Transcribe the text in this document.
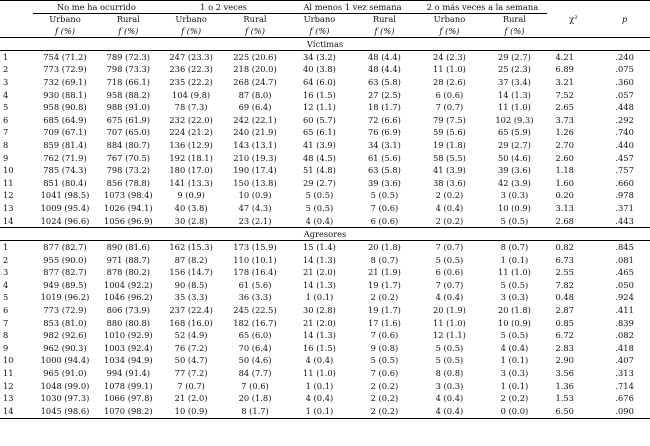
	No me ha ocurrido		1 o 2 veces		Al menos 1 vez semana		2 o más veces a la semana		χ²	p
	Urbano	Rural	Urbano	Rural	Urbano	Rural	Urbano	Rural		
	f (%)	f (%)	f (%)	f (%)	f (%)	f (%)	f (%)	f (%)		
Víctimas										
1	754 (71.2)	789 (72.3)	247 (23.3)	225 (20.6)	34 (3.2)	48 (4.4)	24 (2.3)	29 (2.7)	4.21	.240
2	773 (72.9)	798 (73.3)	236 (22.3)	218 (20.0)	40 (3.8)	48 (4.4)	11 (1.0)	25 (2.3)	6.89	.075
3	732 (69.1)	718 (66.1)	235 (22.2)	268 (24.7)	64 (6.0)	63 (5.8)	28 (2.6)	37 (3.4)	3.21	.360
4	930 (88.1)	958 (88.2)	104 (9.8)	87 (8.0)	16 (1.5)	27 (2.5)	6 (0.6)	14 (1.3)	7.52	.057
5	958 (90.8)	988 (91.0)	78 (7.3)	69 (6.4)	12 (1.1)	18 (1.7)	7 (0.7)	11 (1.0)	2.65	.448
6	685 (64.9)	675 (61.9)	232 (22.0)	242 (22.1)	60 (5.7)	72 (6.6)	79 (7.5)	102 (9.3)	3.73	.292
7	709 (67.1)	707 (65.0)	224 (21.2)	240 (21.9)	65 (6.1)	76 (6.9)	59 (5.6)	65 (5.9)	1.26	.740
8	859 (81.4)	884 (80.7)	136 (12.9)	143 (13.1)	41 (3.9)	34 (3.1)	19 (1.8)	29 (2.7)	2.70	.440
9	762 (71.9)	767 (70.5)	192 (18.1)	210 (19.3)	48 (4.5)	61 (5.6)	58 (5.5)	50 (4.6)	2.60	.457
10	785 (74.3)	798 (73.2)	180 (17.0)	190 (17.4)	51 (4.8)	63 (5.8)	41 (3.9)	39 (3.6)	1.18	.757
11	851 (80.4)	856 (78.8)	141 (13.3)	150 (13.8)	29 (2.7)	39 (3.6)	38 (3.6)	42 (3.9)	1.60	.660
12	1041 (98.5)	1073 (98.4)	9 (0.9)	10 (0.9)	5 (0.5)	5 (0.5)	2 (0.2)	3 (0.3)	0.20	.978
13	1009 (95.4)	1026 (94.1)	40 (3.8)	47 (4.3)	5 (0.5)	7 (0.6)	4 (0.4)	10 (0.9)	3.13	.371
14	1024 (96.6)	1056 (96.9)	30 (2.8)	23 (2.1)	4 (0.4)	6 (0.6)	2 (0.2)	5 (0.5)	2.68	.443
Agresores										
1	877 (82.7)	890 (81.6)	162 (15.3)	173 (15.9)	15 (1.4)	20 (1.8)	7 (0.7)	8 (0.7)	0.82	.845
2	955 (90.0)	971 (88.7)	87 (8.2)	110 (10.1)	14 (1.3)	8 (0.7)	5 (0.5)	1 (0.1)	6.73	.081
3	877 (82.7)	878 (80.2)	156 (14.7)	178 (16.4)	21 (2.0)	21 (1.9)	6 (0.6)	11 (1.0)	2.55	.465
4	949 (89.5)	1004 (92.2)	90 (8.5)	61 (5.6)	14 (1.3)	19 (1.7)	7 (0.7)	5 (0.5)	7.82	.050
5	1019 (96.2)	1046 (96.2)	35 (3.3)	36 (3.3)	1 (0.1)	2 (0.2)	4 (0.4)	3 (0.3)	0.48	.924
6	773 (72.9)	806 (73.9)	237 (22.4)	245 (22.5)	30 (2.8)	19 (1.7)	20 (1.9)	20 (1.8)	2.87	.411
7	853 (81.0)	880 (80.8)	168 (16.0)	182 (16.7)	21 (2.0)	17 (1.6)	11 (1.0)	10 (0.9)	0.85	.839
8	982 (92.6)	1010 (92.9)	52 (4.9)	65 (6.0)	14 (1.3)	7 (0.6)	12 (1.1)	5 (0.5)	6.72	.082
9	962 (90.3)	1003 (92.4)	76 (7.2)	70 (6.4)	16 (1.5)	9 (0.8)	5 (0.5)	4 (0.4)	2.83	.418
10	1000 (94.4)	1034 (94.9)	50 (4.7)	50 (4.6)	4 (0.4)	5 (0.5)	5 (0.5)	1 (0.1)	2.90	.407
11	965 (91.0)	994 (91.4)	77 (7.2)	84 (7.7)	11 (1.0)	7 (0.6)	8 (0.8)	3 (0.3)	3.56	.313
12	1048 (99.0)	1078 (99.1)	7 (0.7)	7 (0.6)	1 (0.1)	2 (0.2)	3 (0.3)	1 (0.1)	1.36	.714
13	1030 (97.3)	1066 (97.8)	21 (2.0)	20 (1.8)	4 (0.4)	2 (0.2)	4 (0.4)	2 (0.2)	1.53	.676
14	1045 (98.6)	1070 (98.2)	10 (0.9)	8 (1.7)	1 (0.1)	2 (0.2)	4 (0.4)	0 (0.0)	6.50	.090
